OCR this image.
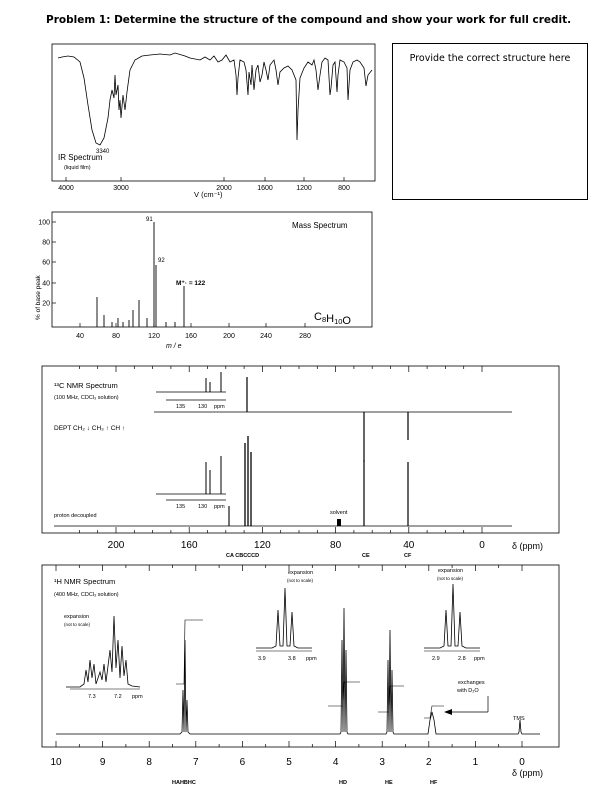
Problem 1: Determine the structure of the compound and show your work for full credit.
Provide the correct structure here
3340
IR Spectrum
(liquid film)
4000	3000	2000	1600	1200	800
V (cm⁻¹)
Mass Spectrum
C8H10O
100
80
60
40
20
% of base peak
40	80	120	160	200	240	280
m / e
91
92
M⁺· = 122
¹³C NMR Spectrum
(100 MHz, CDCl₃ solution)
135 130 ppm
DEPT CH₂ ↓ CH₃ ↑ CH ↑
solvent
proton decoupled
135 130 ppm
200	160	120	80	40	0	δ (ppm)
CA CBCCCD	CE	CF
¹H NMR Spectrum
(400 MHz, CDCl₃ solution)
expansion
(not to scale)
7.3	7.2 ppm
expansion
(not to scale)
3.9	3.8 ppm
expansion
(not to scale)
2.9	2.8 ppm
exchanges
with D₂O
TMS
10	9	8	7	6	5	4	3	2	1	0
δ (ppm)
HAHBHC	HD	HE	HF
